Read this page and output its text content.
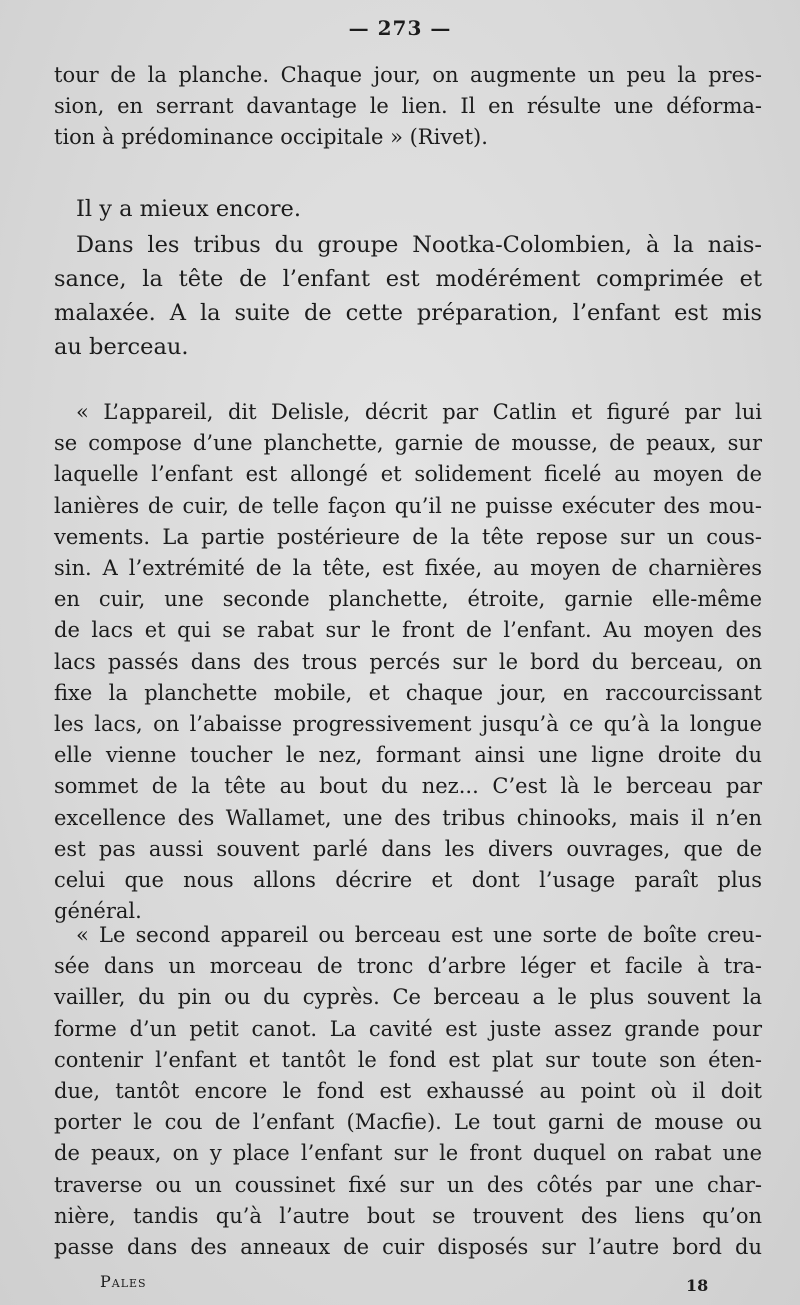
— 273 —
tour de la planche. Chaque jour, on augmente un peu la pres-
sion, en serrant davantage le lien. Il en résulte une déforma-
tion à prédominance occipitale » (Rivet).
Il y a mieux encore.
Dans les tribus du groupe Nootka-Colombien, à la nais-
sance, la tête de l’enfant est modérément comprimée et
malaxée. A la suite de cette préparation, l’enfant est mis
au berceau.
« L’appareil, dit Delisle, décrit par Catlin et figuré par lui
se compose d’une planchette, garnie de mousse, de peaux, sur
laquelle l’enfant est allongé et solidement ficelé au moyen de
lanières de cuir, de telle façon qu’il ne puisse exécuter des mou-
vements. La partie postérieure de la tête repose sur un cous-
sin. A l’extrémité de la tête, est fixée, au moyen de charnières
en cuir, une seconde planchette, étroite, garnie elle-même
de lacs et qui se rabat sur le front de l’enfant. Au moyen des
lacs passés dans des trous percés sur le bord du berceau, on
fixe la planchette mobile, et chaque jour, en raccourcissant
les lacs, on l’abaisse progressivement jusqu’à ce qu’à la longue
elle vienne toucher le nez, formant ainsi une ligne droite du
sommet de la tête au bout du nez... C’est là le berceau par
excellence des Wallamet, une des tribus chinooks, mais il n’en
est pas aussi souvent parlé dans les divers ouvrages, que de
celui que nous allons décrire et dont l’usage paraît plus
général.
« Le second appareil ou berceau est une sorte de boîte creu-
sée dans un morceau de tronc d’arbre léger et facile à tra-
vailler, du pin ou du cyprès. Ce berceau a le plus souvent la
forme d’un petit canot. La cavité est juste assez grande pour
contenir l’enfant et tantôt le fond est plat sur toute son éten-
due, tantôt encore le fond est exhaussé au point où il doit
porter le cou de l’enfant (Macfie). Le tout garni de mouse ou
de peaux, on y place l’enfant sur le front duquel on rabat une
traverse ou un coussinet fixé sur un des côtés par une char-
nière, tandis qu’à l’autre bout se trouvent des liens qu’on
passe dans des anneaux de cuir disposés sur l’autre bord du
Pales	18
